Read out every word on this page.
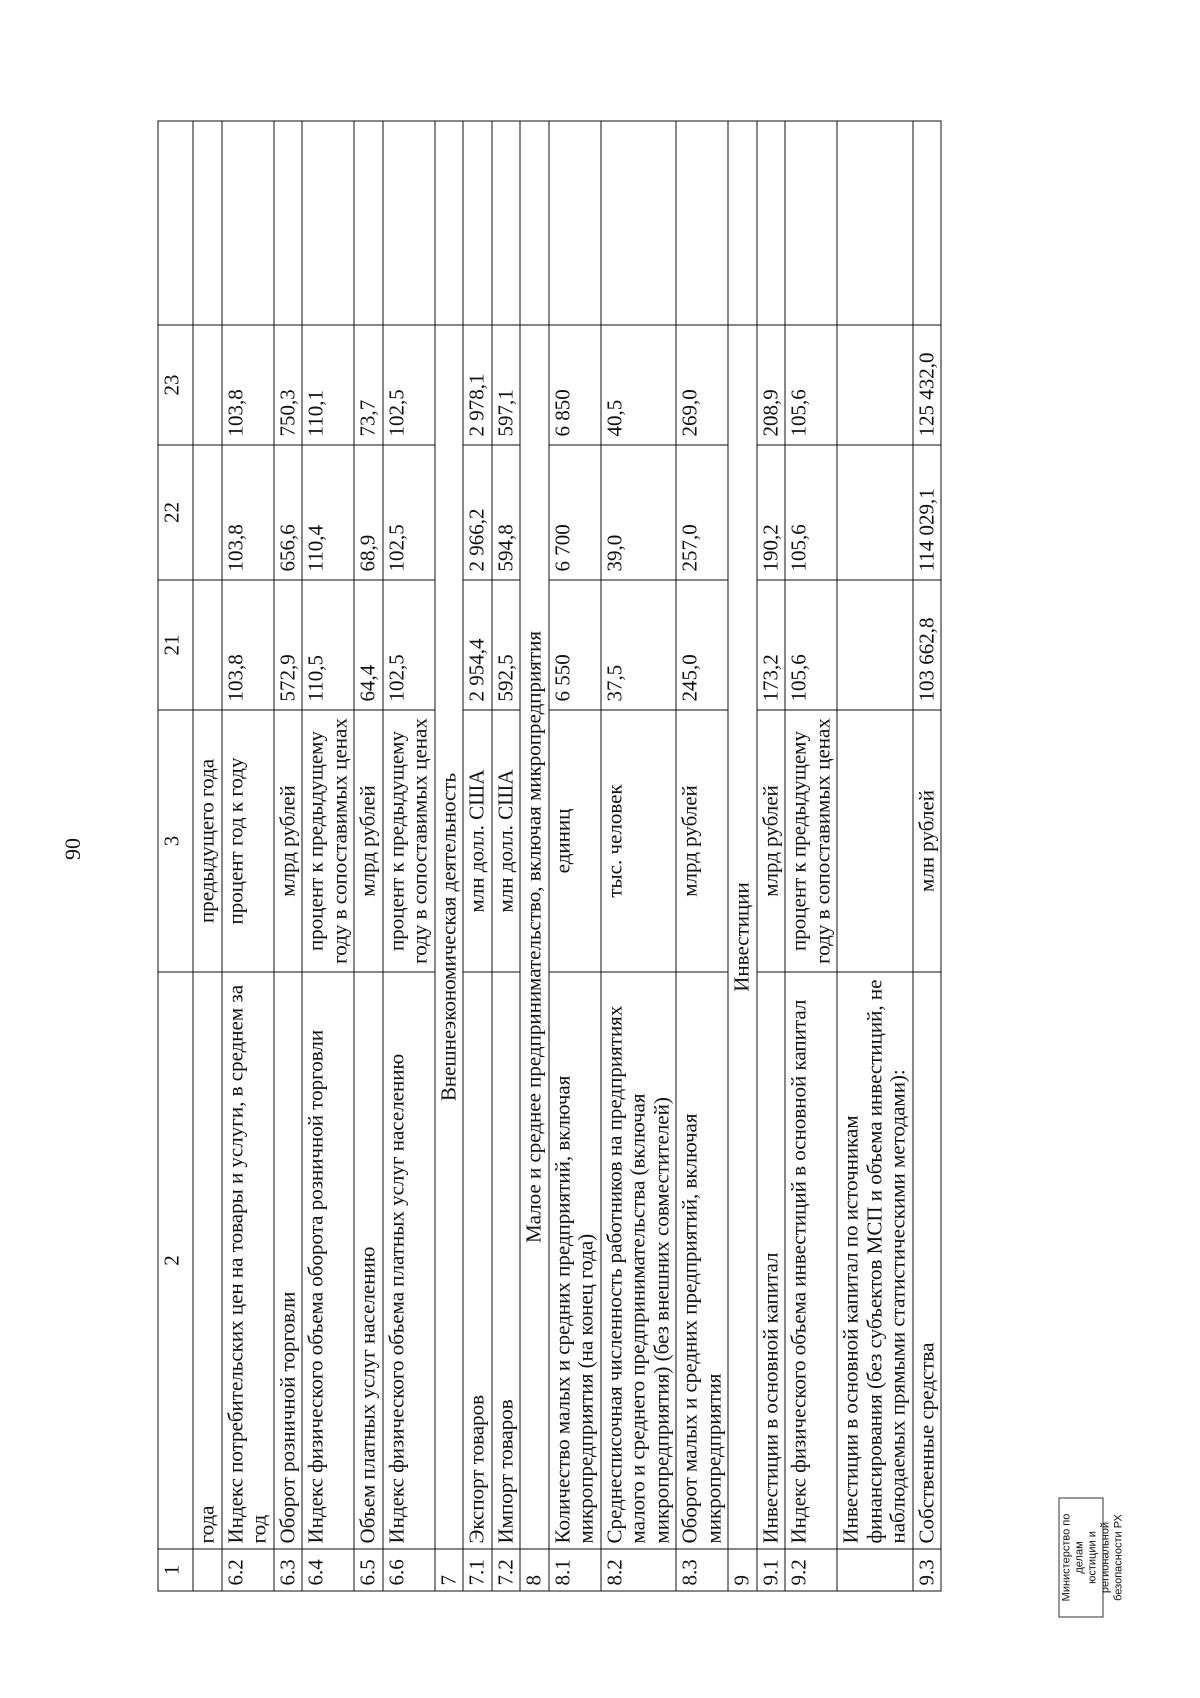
90
1	2	3	21	22	23	
	года	предыдущего года				
6.2	Индекс потребительских цен на товары и услуги, в среднем за год	процент год к году	103,8	103,8	103,8	
6.3	Оборот розничной торговли	млрд рублей	572,9	656,6	750,3	
6.4	Индекс физического объема оборота розничной торговли	процент к предыдущему году в сопоставимых ценах	110,5	110,4	110,1	
6.5	Объем платных услуг населению	млрд рублей	64,4	68,9	73,7	
6.6	Индекс физического объема платных услуг населению	процент к предыдущему году в сопоставимых ценах	102,5	102,5	102,5	
7	Внешнеэкономическая деятельность					
7.1	Экспорт товаров	млн долл. США	2 954,4	2 966,2	2 978,1	
7.2	Импорт товаров	млн долл. США	592,5	594,8	597,1	
8	Малое и среднее предпринимательство, включая микропредприятия					
8.1	Количество малых и средних предприятий, включая микропредприятия (на конец года)	единиц	6 550	6 700	6 850	
8.2	Среднесписочная численность работников на предприятиях малого и среднего предпринимательства (включая микропредприятия) (без внешних совместителей)	тыс. человек	37,5	39,0	40,5	
8.3	Оборот малых и средних предприятий, включая микропредприятия	млрд рублей	245,0	257,0	269,0	
9	Инвестиции					
9.1	Инвестиции в основной капитал	млрд рублей	173,2	190,2	208,9	
9.2	Индекс физического объема инвестиций в основной капитал	процент к предыдущему году в сопоставимых ценах	105,6	105,6	105,6	
	Инвестиции в основной капитал по источникам финансирования (без субъектов МСП и объема инвестиций, не наблюдаемых прямыми статистическими методами):					
9.3	Собственные средства	млн рублей	103 662,8	114 029,1	125 432,0	
Министерство по делам юстиции и региональной безопасности РХ
